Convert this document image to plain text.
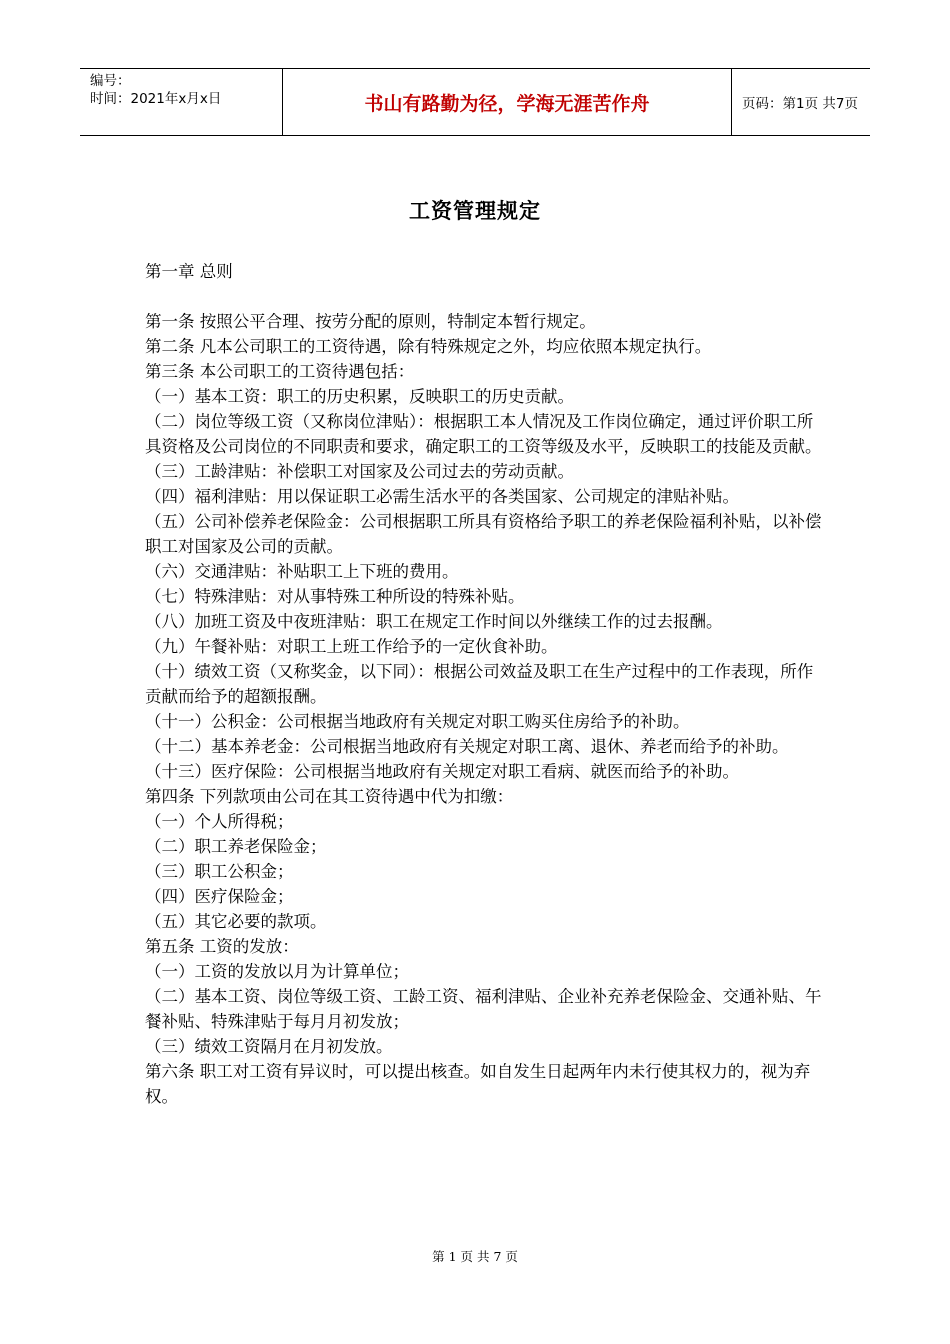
编号：
时间：2021年x月x日	书山有路勤为径，学海无涯苦作舟	页码：第1页 共7页
工资管理规定
第一章 总则

第一条 按照公平合理、按劳分配的原则，特制定本暂行规定。

第二条 凡本公司职工的工资待遇，除有特殊规定之外，均应依照本规定执行。

第三条 本公司职工的工资待遇包括：

（一）基本工资：职工的历史积累，反映职工的历史贡献。

（二）岗位等级工资（又称岗位津贴）：根据职工本人情况及工作岗位确定，通过评价职工所具资格及公司岗位的不同职责和要求，确定职工的工资等级及水平，反映职工的技能及贡献。

（三）工龄津贴：补偿职工对国家及公司过去的劳动贡献。

（四）福利津贴：用以保证职工必需生活水平的各类国家、公司规定的津贴补贴。

（五）公司补偿养老保险金：公司根据职工所具有资格给予职工的养老保险福利补贴，以补偿职工对国家及公司的贡献。

（六）交通津贴：补贴职工上下班的费用。

（七）特殊津贴：对从事特殊工种所设的特殊补贴。

（八）加班工资及中夜班津贴：职工在规定工作时间以外继续工作的过去报酬。

（九）午餐补贴：对职工上班工作给予的一定伙食补助。

（十）绩效工资（又称奖金，以下同）：根据公司效益及职工在生产过程中的工作表现，所作贡献而给予的超额报酬。

（十一）公积金：公司根据当地政府有关规定对职工购买住房给予的补助。

（十二）基本养老金：公司根据当地政府有关规定对职工离、退休、养老而给予的补助。

（十三）医疗保险：公司根据当地政府有关规定对职工看病、就医而给予的补助。

第四条 下列款项由公司在其工资待遇中代为扣缴：

（一）个人所得税；

（二）职工养老保险金；

（三）职工公积金；

（四）医疗保险金；

（五）其它必要的款项。

第五条 工资的发放：

（一）工资的发放以月为计算单位；

（二）基本工资、岗位等级工资、工龄工资、福利津贴、企业补充养老保险金、交通补贴、午餐补贴、特殊津贴于每月月初发放；

（三）绩效工资隔月在月初发放。

第六条 职工对工资有异议时，可以提出核查。如自发生日起两年内未行使其权力的，视为弃权。

第 1 页 共 7 页
